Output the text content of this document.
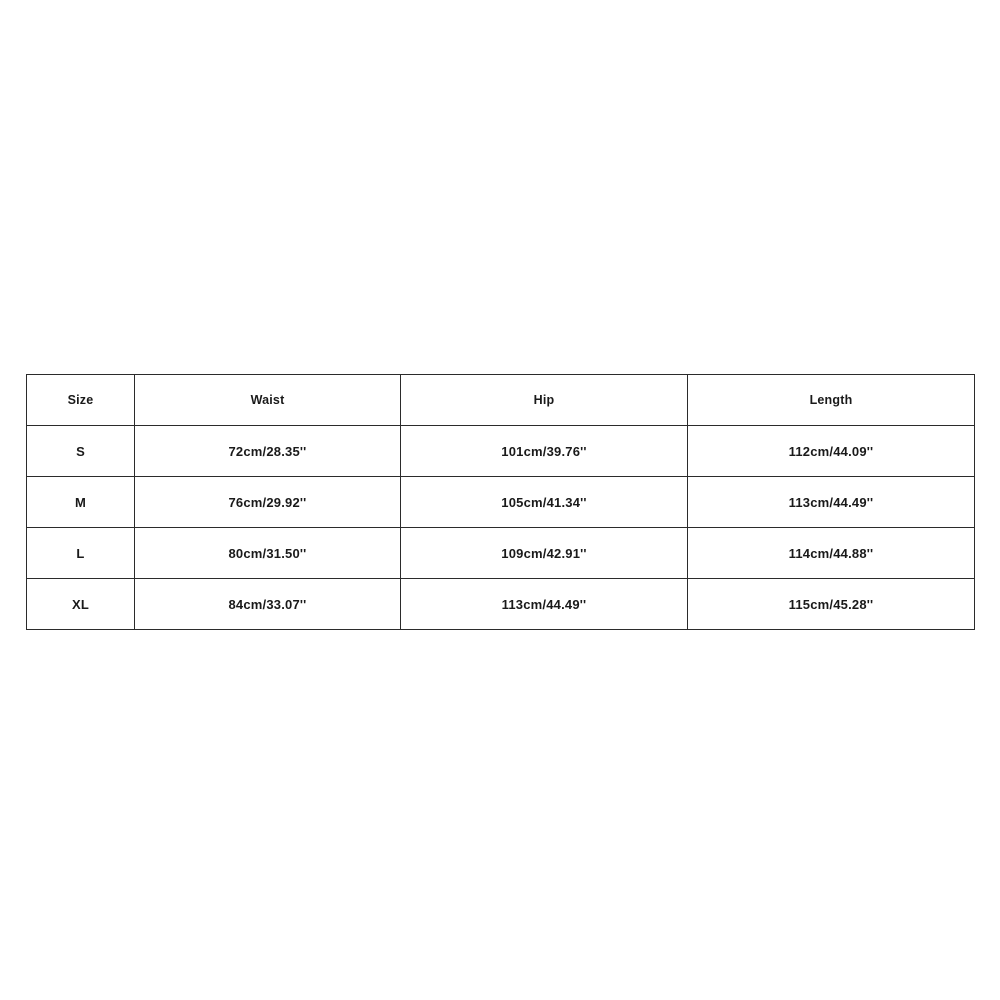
Size	Waist	Hip	Length
S	72cm/28.35''	101cm/39.76''	112cm/44.09''
M	76cm/29.92''	105cm/41.34''	113cm/44.49''
L	80cm/31.50''	109cm/42.91''	114cm/44.88''
XL	84cm/33.07''	113cm/44.49''	115cm/45.28''
